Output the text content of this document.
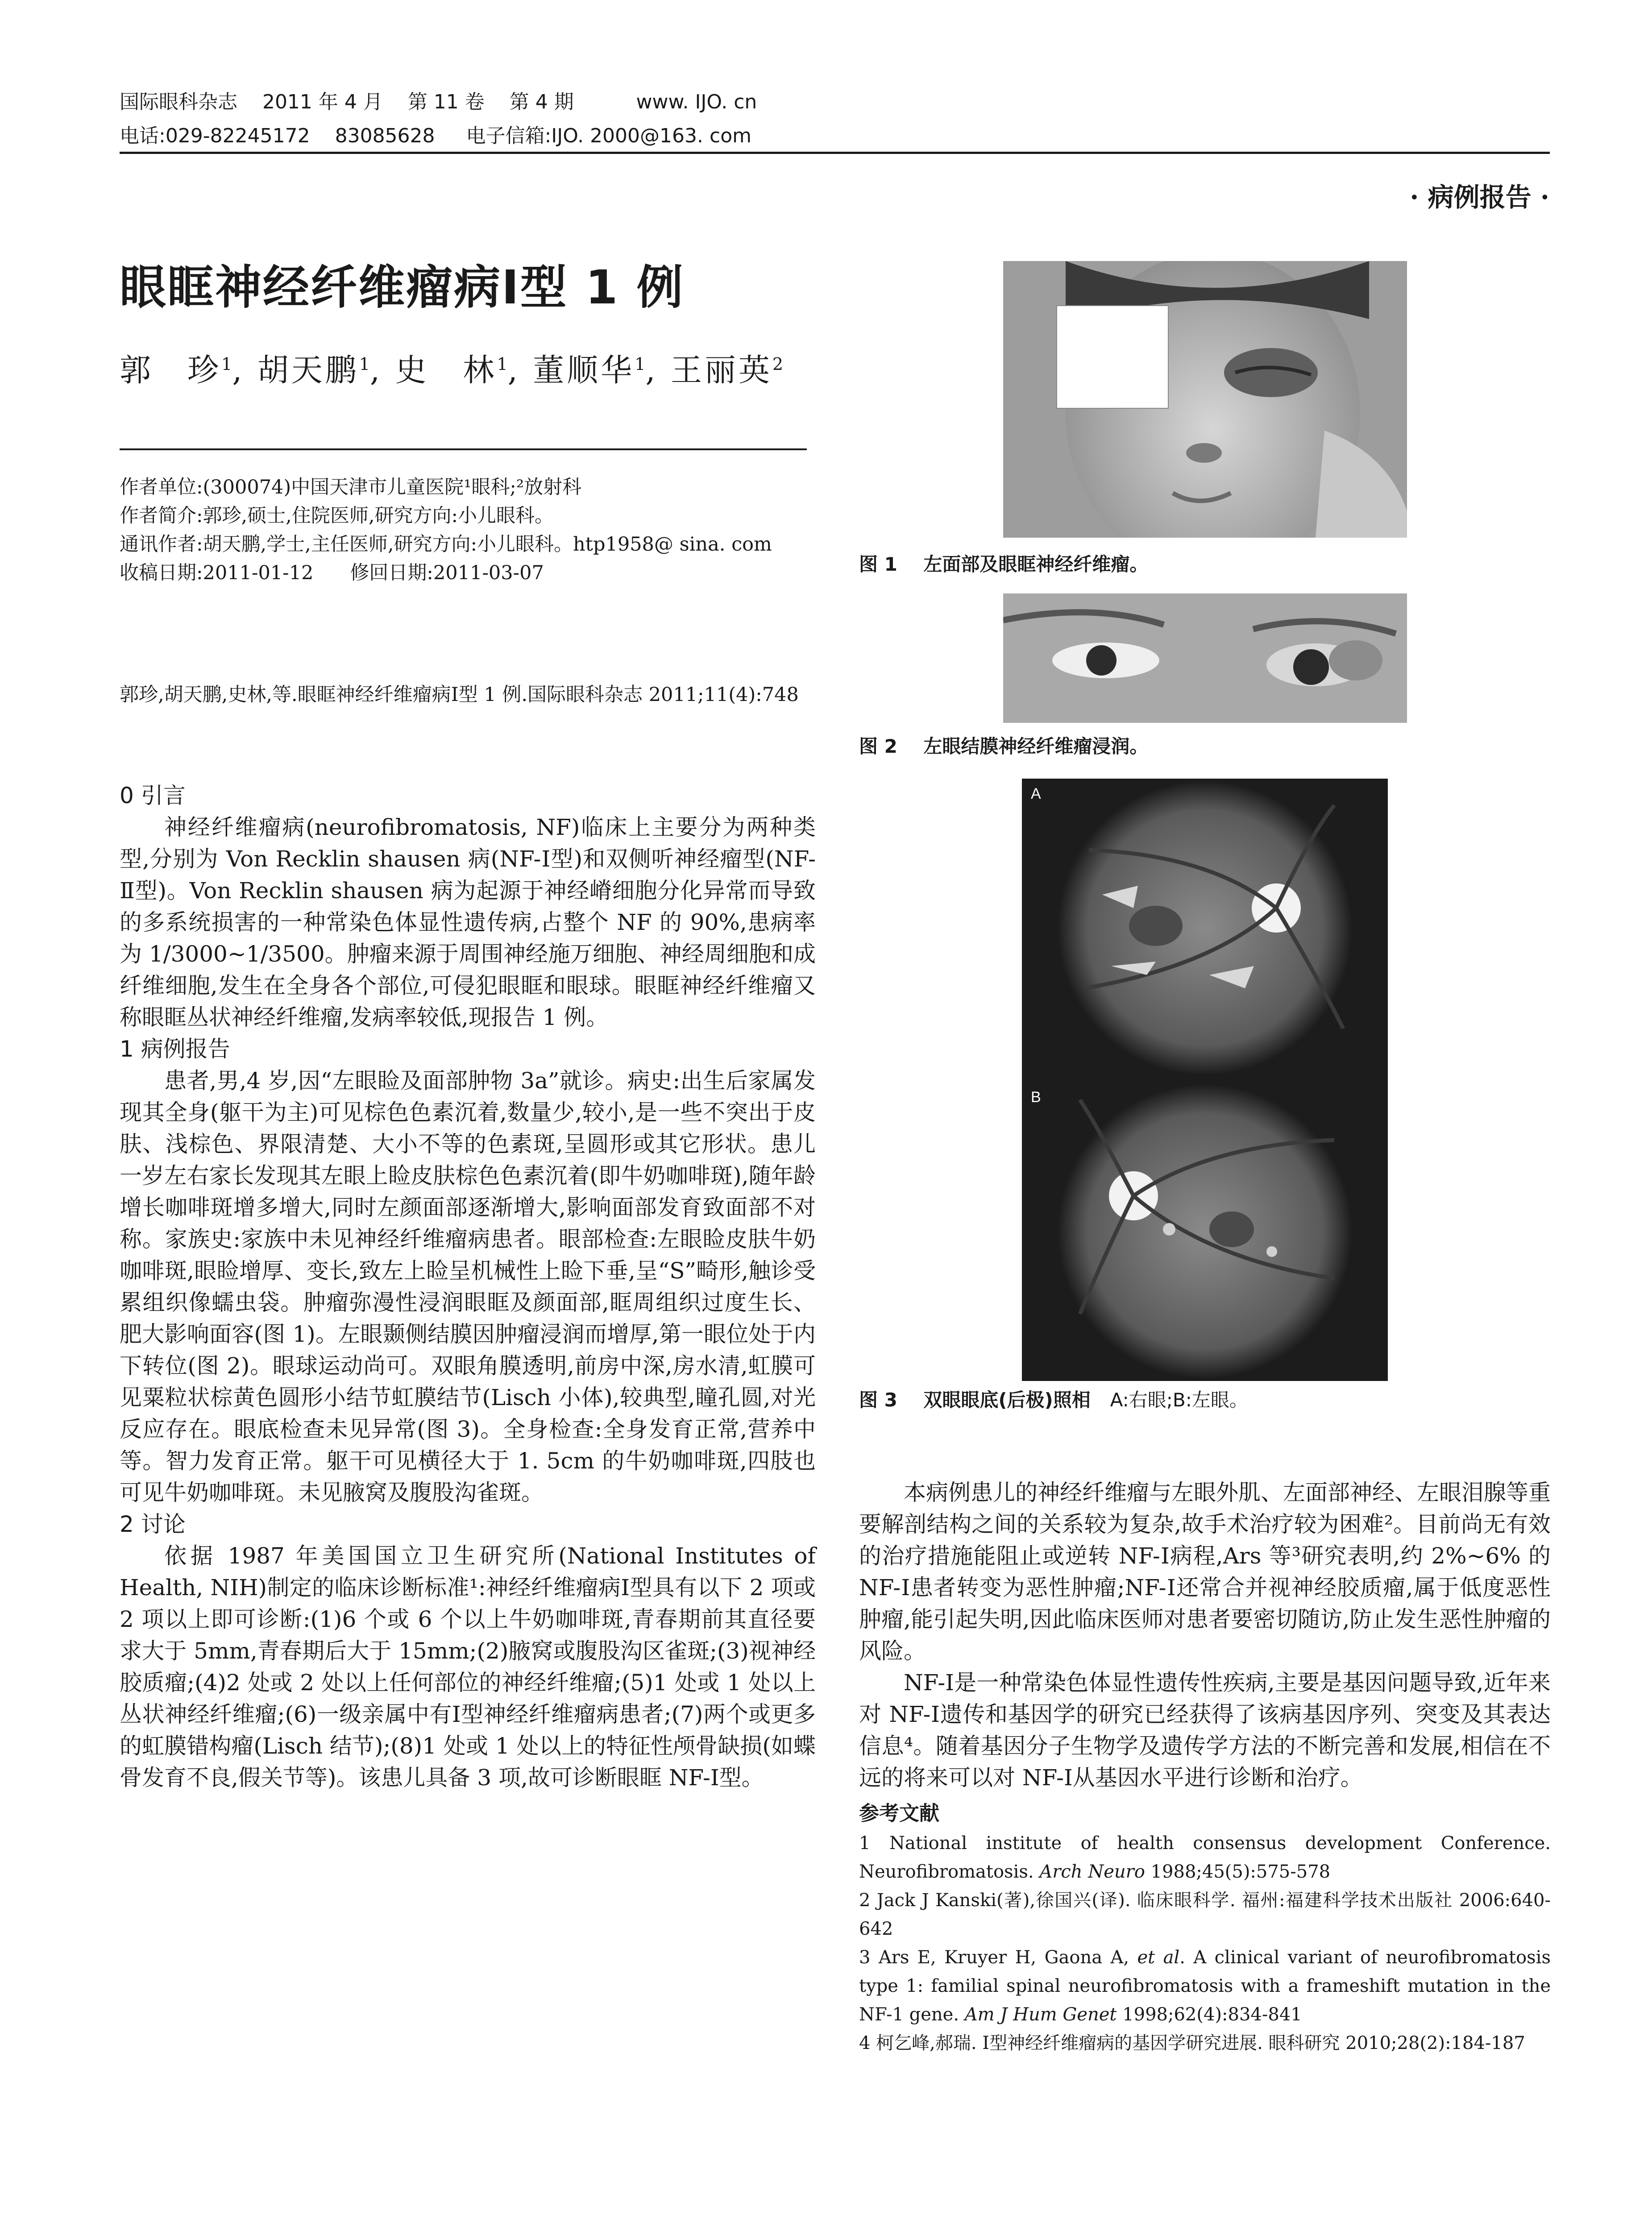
国际眼科杂志    2011 年 4 月    第 11 卷    第 4 期          www. IJO. cn
电话:029-82245172    83085628     电子信箱:IJO. 2000@163. com
· 病例报告 ·
眼眶神经纤维瘤病Ⅰ型 1 例
郭　珍$^1$, 胡天鹏$^1$, 史　林$^1$, 董顺华$^1$, 王丽英$^2$

作者单位:(300074)中国天津市儿童医院¹眼科;²放射科

作者简介:郭珍,硕士,住院医师,研究方向:小儿眼科。

通讯作者:胡天鹏,学士,主任医师,研究方向:小儿眼科。htp1958@ sina. com

收稿日期:2011-01-12      修回日期:2011-03-07

郭珍,胡天鹏,史林,等.眼眶神经纤维瘤病Ⅰ型 1 例.国际眼科杂志 2011;11(4):748
0 引言

神经纤维瘤病(neurofibromatosis, NF)临床上主要分为两种类型,分别为 Von Recklin shausen 病(NF-Ⅰ型)和双侧听神经瘤型(NF-Ⅱ型)。Von Recklin shausen 病为起源于神经嵴细胞分化异常而导致的多系统损害的一种常染色体显性遗传病,占整个 NF 的 90%,患病率为 1/3000~1/3500。肿瘤来源于周围神经施万细胞、神经周细胞和成纤维细胞,发生在全身各个部位,可侵犯眼眶和眼球。眼眶神经纤维瘤又称眼眶丛状神经纤维瘤,发病率较低,现报告 1 例。

1 病例报告

患者,男,4 岁,因“左眼睑及面部肿物 3a”就诊。病史:出生后家属发现其全身(躯干为主)可见棕色色素沉着,数量少,较小,是一些不突出于皮肤、浅棕色、界限清楚、大小不等的色素斑,呈圆形或其它形状。患儿一岁左右家长发现其左眼上睑皮肤棕色色素沉着(即牛奶咖啡斑),随年龄增长咖啡斑增多增大,同时左颜面部逐渐增大,影响面部发育致面部不对称。家族史:家族中未见神经纤维瘤病患者。眼部检查:左眼睑皮肤牛奶咖啡斑,眼睑增厚、变长,致左上睑呈机械性上睑下垂,呈“S”畸形,触诊受累组织像蠕虫袋。肿瘤弥漫性浸润眼眶及颜面部,眶周组织过度生长、肥大影响面容(图 1)。左眼颞侧结膜因肿瘤浸润而增厚,第一眼位处于内下转位(图 2)。眼球运动尚可。双眼角膜透明,前房中深,房水清,虹膜可见粟粒状棕黄色圆形小结节虹膜结节(Lisch 小体),较典型,瞳孔圆,对光反应存在。眼底检查未见异常(图 3)。全身检查:全身发育正常,营养中等。智力发育正常。躯干可见横径大于 1. 5cm 的牛奶咖啡斑,四肢也可见牛奶咖啡斑。未见腋窝及腹股沟雀斑。

2 讨论

依据 1987 年美国国立卫生研究所(National Institutes of Health, NIH)制定的临床诊断标准¹:神经纤维瘤病Ⅰ型具有以下 2 项或 2 项以上即可诊断:(1)6 个或 6 个以上牛奶咖啡斑,青春期前其直径要求大于 5mm,青春期后大于 15mm;(2)腋窝或腹股沟区雀斑;(3)视神经胶质瘤;(4)2 处或 2 处以上任何部位的神经纤维瘤;(5)1 处或 1 处以上丛状神经纤维瘤;(6)一级亲属中有Ⅰ型神经纤维瘤病患者;(7)两个或更多的虹膜错构瘤(Lisch 结节);(8)1 处或 1 处以上的特征性颅骨缺损(如蝶骨发育不良,假关节等)。该患儿具备 3 项,故可诊断眼眶 NF-Ⅰ型。

图 1 左面部及眼眶神经纤维瘤。
图 2 左眼结膜神经纤维瘤浸润。
A
B
图 3 双眼眼底(后极)照相 A:右眼;B:左眼。

本病例患儿的神经纤维瘤与左眼外肌、左面部神经、左眼泪腺等重要解剖结构之间的关系较为复杂,故手术治疗较为困难²。目前尚无有效的治疗措施能阻止或逆转 NF-Ⅰ病程,Ars 等³研究表明,约 2%~6% 的 NF-Ⅰ患者转变为恶性肿瘤;NF-Ⅰ还常合并视神经胶质瘤,属于低度恶性肿瘤,能引起失明,因此临床医师对患者要密切随访,防止发生恶性肿瘤的风险。

NF-Ⅰ是一种常染色体显性遗传性疾病,主要是基因问题导致,近年来对 NF-Ⅰ遗传和基因学的研究已经获得了该病基因序列、突变及其表达信息⁴。随着基因分子生物学及遗传学方法的不断完善和发展,相信在不远的将来可以对 NF-Ⅰ从基因水平进行诊断和治疗。

参考文献

1 National institute of health consensus development Conference. Neurofibromatosis. Arch Neuro 1988;45(5):575-578

2 Jack J Kanski(著),徐国兴(译). 临床眼科学. 福州:福建科学技术出版社 2006:640-642

3 Ars E, Kruyer H, Gaona A, et al. A clinical variant of neurofibromatosis type 1: familial spinal neurofibromatosis with a frameshift mutation in the NF-1 gene. Am J Hum Genet 1998;62(4):834-841

4 柯乞峰,郝瑞. Ⅰ型神经纤维瘤病的基因学研究进展. 眼科研究 2010;28(2):184-187
